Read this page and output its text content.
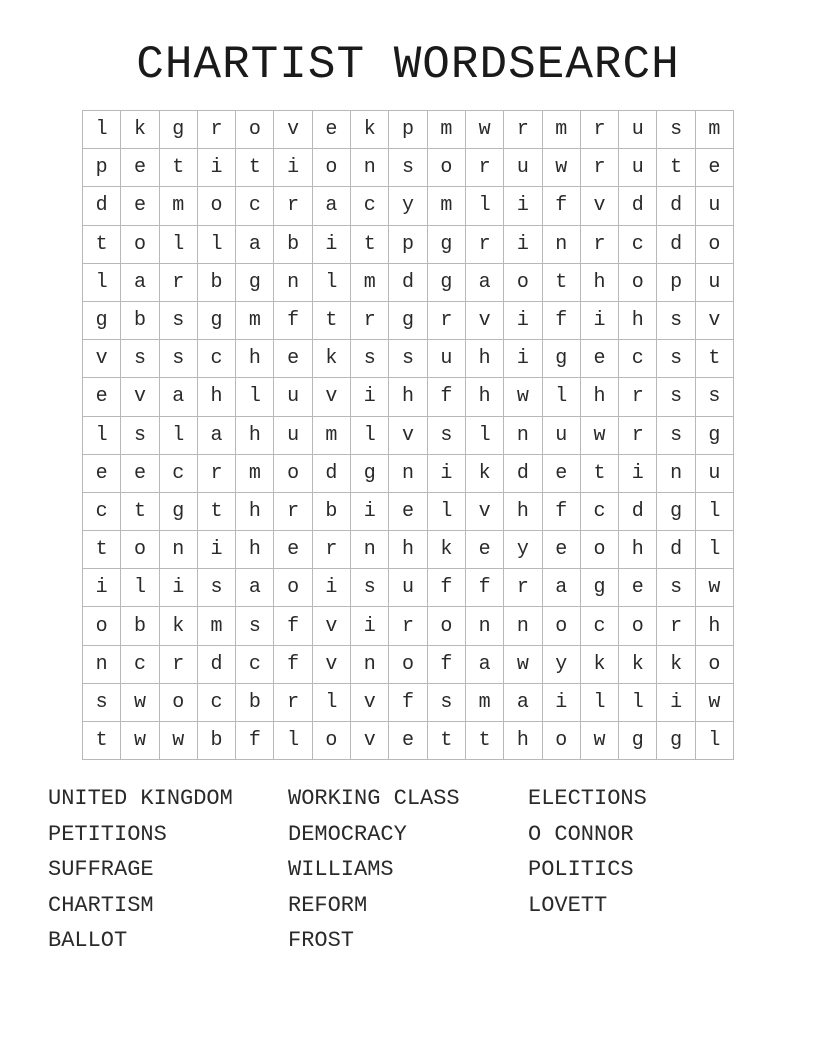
CHARTIST WORDSEARCH
l	k	g	r	o	v	e	k	p	m	w	r	m	r	u	s	m
p	e	t	i	t	i	o	n	s	o	r	u	w	r	u	t	e
d	e	m	o	c	r	a	c	y	m	l	i	f	v	d	d	u
t	o	l	l	a	b	i	t	p	g	r	i	n	r	c	d	o
l	a	r	b	g	n	l	m	d	g	a	o	t	h	o	p	u
g	b	s	g	m	f	t	r	g	r	v	i	f	i	h	s	v
v	s	s	c	h	e	k	s	s	u	h	i	g	e	c	s	t
e	v	a	h	l	u	v	i	h	f	h	w	l	h	r	s	s
l	s	l	a	h	u	m	l	v	s	l	n	u	w	r	s	g
e	e	c	r	m	o	d	g	n	i	k	d	e	t	i	n	u
c	t	g	t	h	r	b	i	e	l	v	h	f	c	d	g	l
t	o	n	i	h	e	r	n	h	k	e	y	e	o	h	d	l
i	l	i	s	a	o	i	s	u	f	f	r	a	g	e	s	w
o	b	k	m	s	f	v	i	r	o	n	n	o	c	o	r	h
n	c	r	d	c	f	v	n	o	f	a	w	y	k	k	k	o
s	w	o	c	b	r	l	v	f	s	m	a	i	l	l	i	w
t	w	w	b	f	l	o	v	e	t	t	h	o	w	g	g	l
UNITED KINGDOM
PETITIONS
SUFFRAGE
CHARTISM
BALLOT
WORKING CLASS
DEMOCRACY
WILLIAMS
REFORM
FROST
ELECTIONS
O CONNOR
POLITICS
LOVETT
